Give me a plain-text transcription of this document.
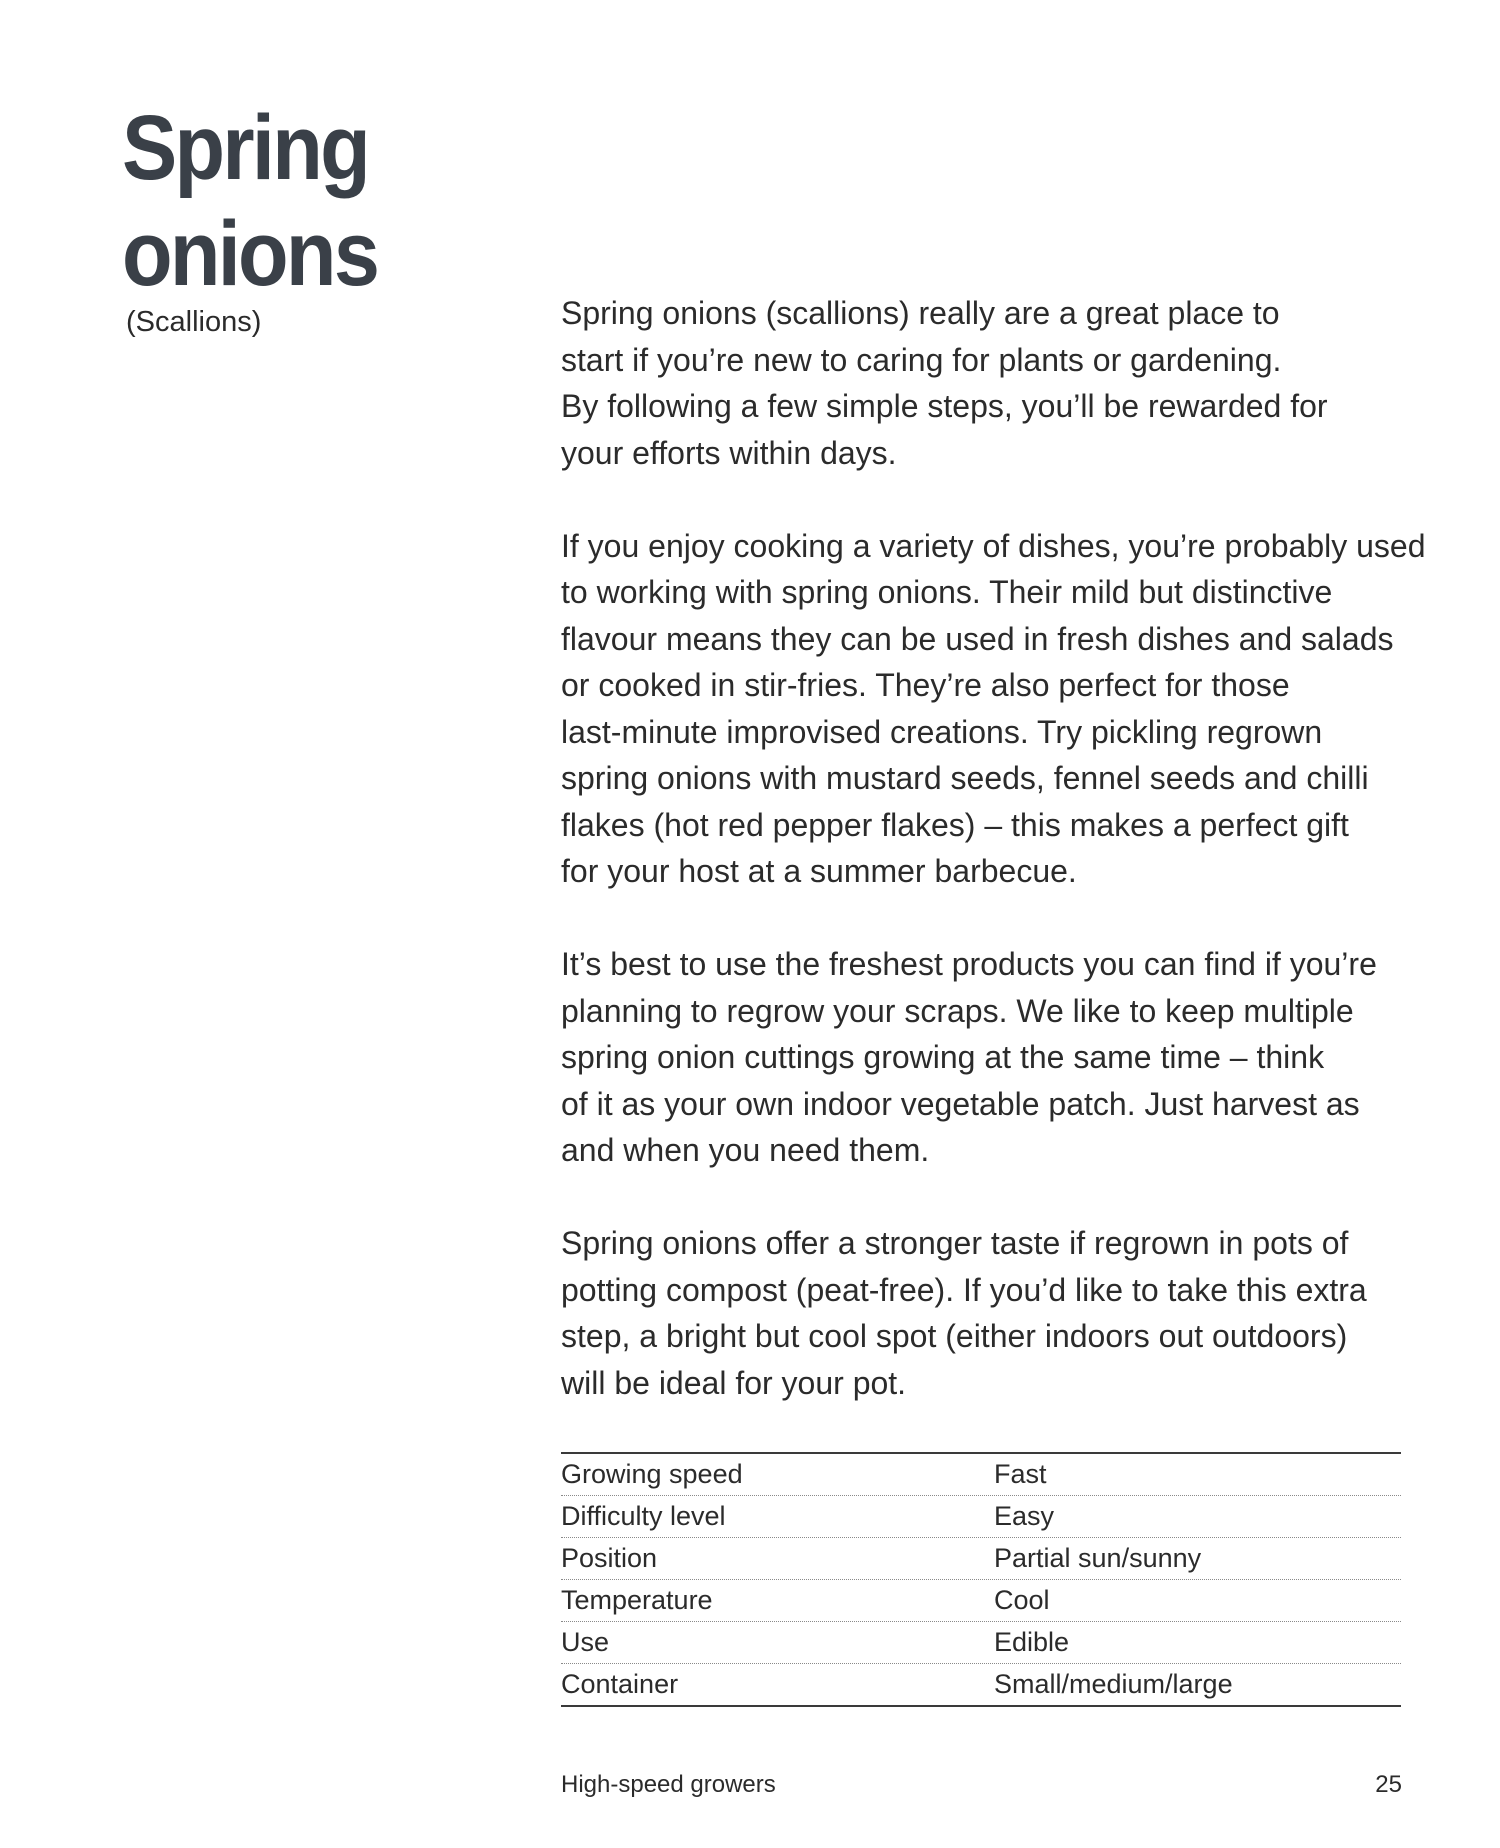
Spring
onions
(Scallions)	Spring onions (scallions) really are a great place to
start if you’re new to caring for plants or gardening.
By following a few simple steps, you’ll be rewarded for
your efforts within days.

If you enjoy cooking a variety of dishes, you’re probably used
to working with spring onions. Their mild but distinctive
flavour means they can be used in fresh dishes and salads
or cooked in stir-fries. They’re also perfect for those
last-minute improvised creations. Try pickling regrown
spring onions with mustard seeds, fennel seeds and chilli
flakes (hot red pepper flakes) – this makes a perfect gift
for your host at a summer barbecue.

It’s best to use the freshest products you can find if you’re
planning to regrow your scraps. We like to keep multiple
spring onion cuttings growing at the same time – think
of it as your own indoor vegetable patch. Just harvest as
and when you need them.

Spring onions offer a stronger taste if regrown in pots of
potting compost (peat-free). If you’d like to take this extra
step, a bright but cool spot (either indoors out outdoors)
will be ideal for your pot.

Growing speed	Fast
Difficulty level	Easy
Position	Partial sun/sunny
Temperature	Cool
Use	Edible
Container	Small/medium/large
High-speed growers	25
